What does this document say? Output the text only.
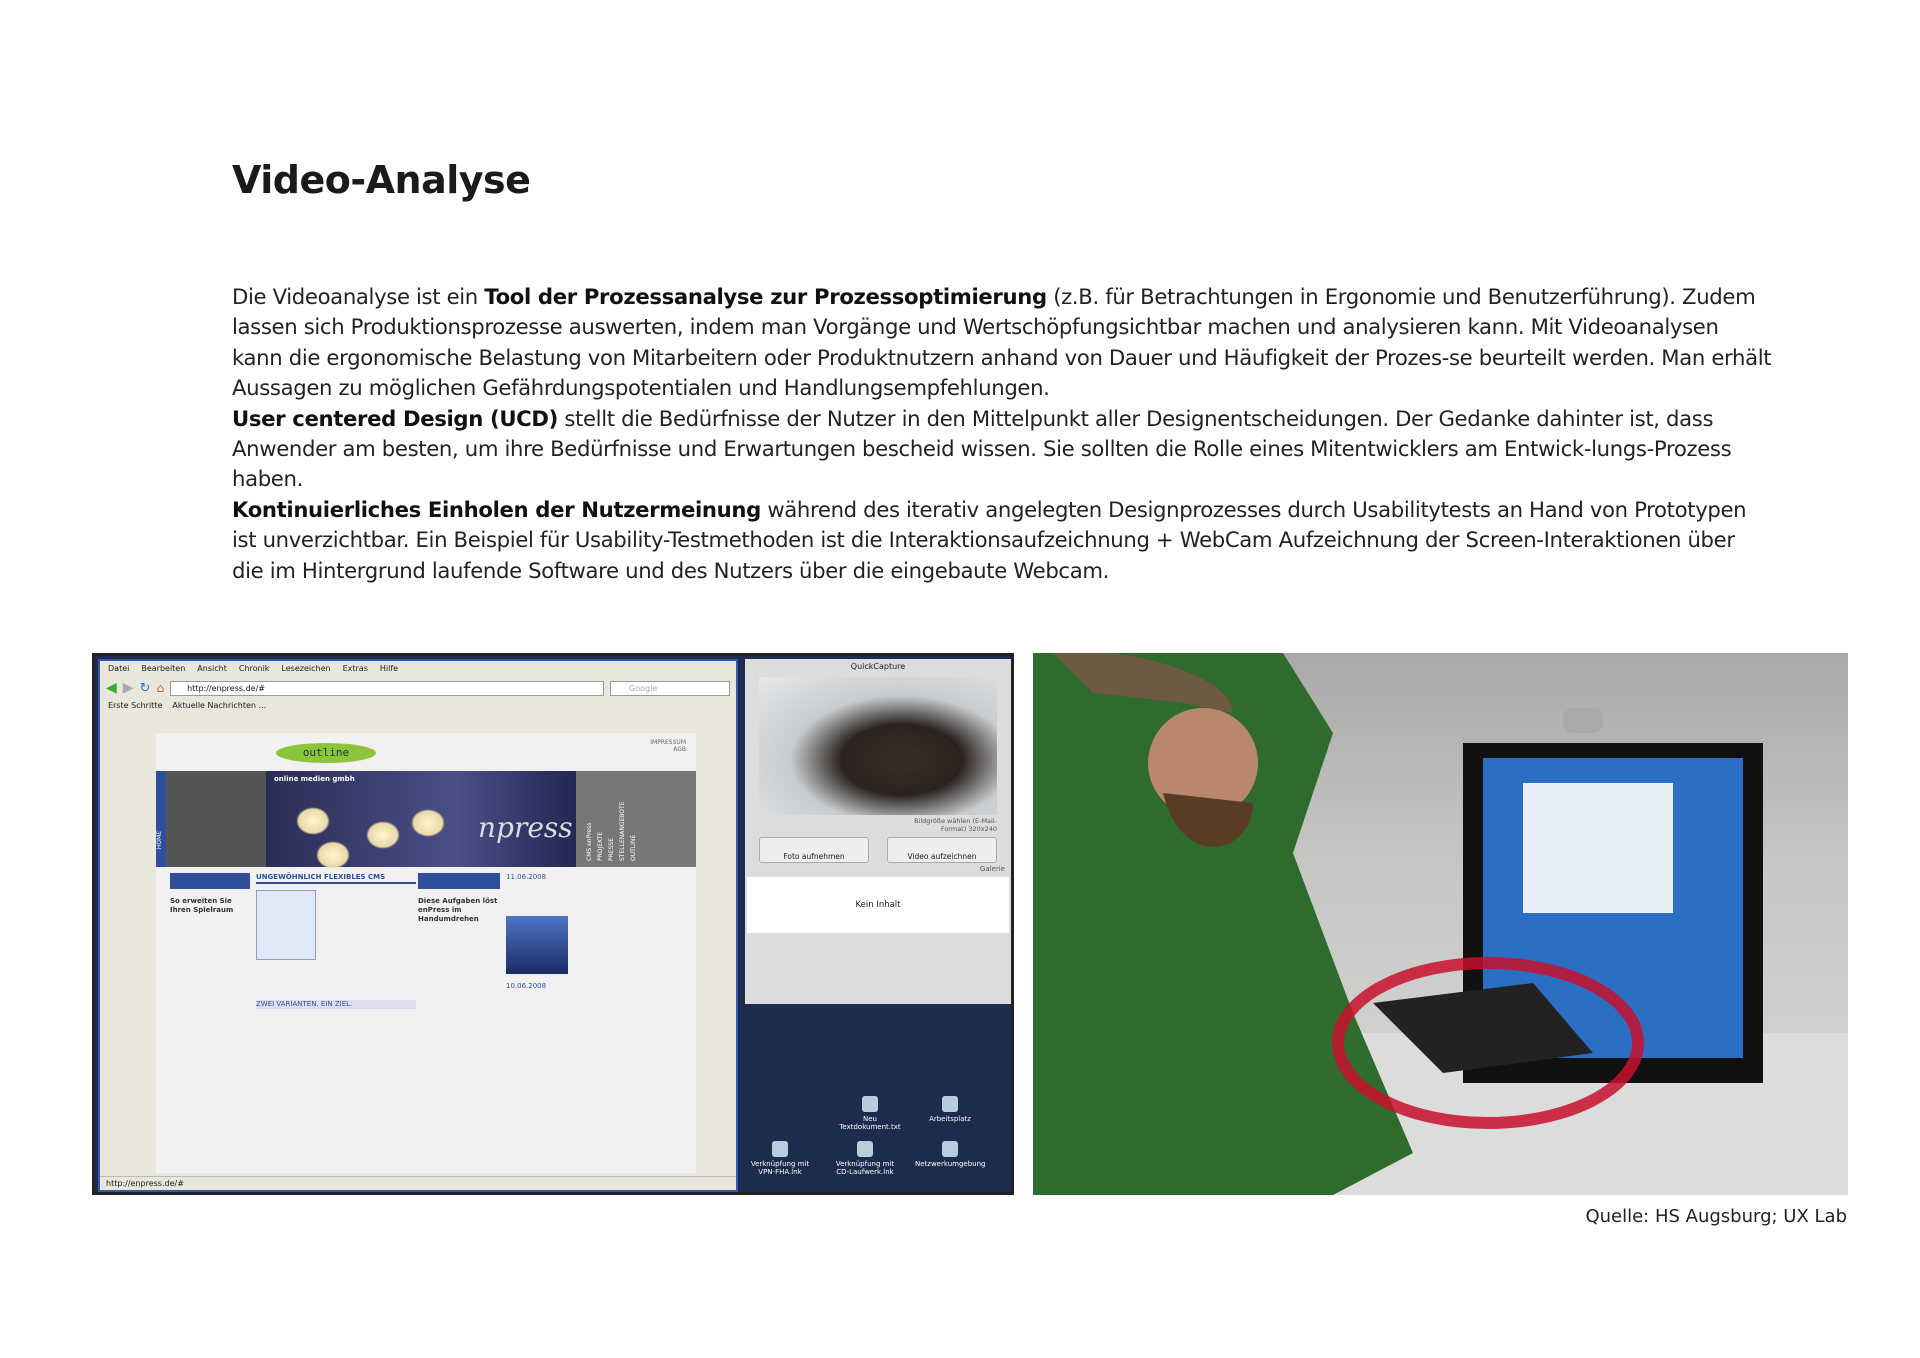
Video-Analyse
Die Videoanalyse ist ein Tool der Prozessanalyse zur Prozessoptimierung (z.B. für Betrachtungen in Ergonomie und Benutzerführung). Zudem lassen sich Produktionsprozesse auswerten, indem man Vorgänge und Wertschöpfungsichtbar machen und analysieren kann. Mit Videoanalysen kann die ergonomische Belastung von Mitarbeitern oder Produktnutzern anhand von Dauer und Häufigkeit der Prozes-se beurteilt werden. Man erhält Aussagen zu möglichen Gefährdungspotentialen und Handlungsempfehlungen.
User centered Design (UCD) stellt die Bedürfnisse der Nutzer in den Mittelpunkt aller Designentscheidungen. Der Gedanke dahinter ist, dass Anwender am besten, um ihre Bedürfnisse und Erwartungen bescheid wissen. Sie sollten die Rolle eines Mitentwicklers am Entwick-lungs-Prozess haben.
Kontinuierliches Einholen der Nutzermeinung während des iterativ angelegten Designprozesses durch Usabilitytests an Hand von Prototypen ist unverzichtbar. Ein Beispiel für Usability-Testmethoden ist die Interaktionsaufzeichnung + WebCam Aufzeichnung der Screen-Interaktionen über die im Hintergrund laufende Software und des Nutzers über die eingebaute Webcam.
Datei Bearbeiten Ansicht Chronik Lesezeichen Extras Hilfe
◀ ▶ ↻ ⌂	http://enpress.de/#	Google
Erste Schritte Aktuelle Nachrichten ...
outline
IMPRESSUM
AGB
HOME
online medien gmbh
npress CMS enPress PROJEKTE PRESSE STELLENANGEBOTE OUTLINE
So erweiten Sie Ihren Spielraum
UNGEWÖHNLICH FLEXIBLES CMS
ZWEI VARIANTEN. EIN ZIEL.
Diese Aufgaben löst enPress im Handumdrehen
11.06.2008
10.06.2008
http://enpress.de/#
QuickCapture
Bildgröße wählen (E-Mail-Format) 320x240
Foto aufnehmen	Video aufzeichnen
Galerie
Kein Inhalt
Neu Textdokument.txt
Arbeitsplatz
Verknüpfung mit VPN-FHA.lnk
Verknüpfung mit CD-Laufwerk.lnk
Netzwerkumgebung
Quelle: HS Augsburg; UX Lab
